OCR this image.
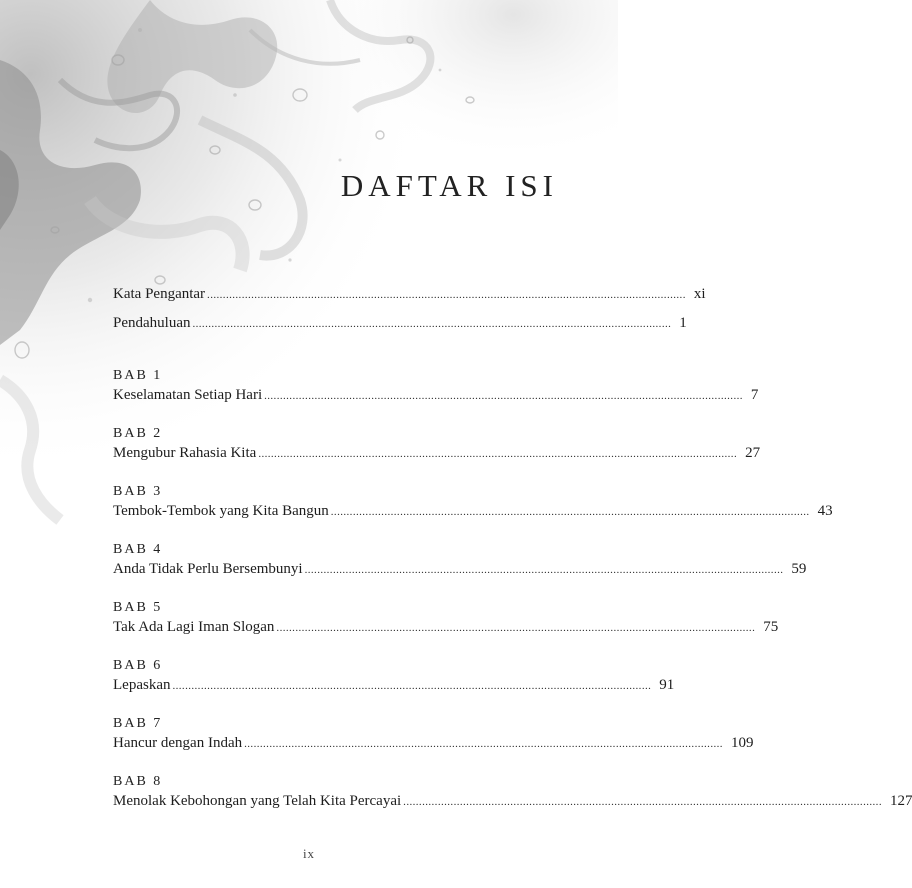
DAFTAR ISI
Kata Pengantar ........................................................................................................................................................ xi
Pendahuluan ........................................................................................................................................................ 1
BAB 1
Keselamatan Setiap Hari ........................................................................................................................................................ 7
BAB 2
Mengubur Rahasia Kita ........................................................................................................................................................ 27
BAB 3
Tembok-Tembok yang Kita Bangun ........................................................................................................................................................ 43
BAB 4
Anda Tidak Perlu Bersembunyi ........................................................................................................................................................ 59
BAB 5
Tak Ada Lagi Iman Slogan ........................................................................................................................................................ 75
BAB 6
Lepaskan ........................................................................................................................................................ 91
BAB 7
Hancur dengan Indah ........................................................................................................................................................ 109
BAB 8
Menolak Kebohongan yang Telah Kita Percayai ........................................................................................................................................................ 127
ix
